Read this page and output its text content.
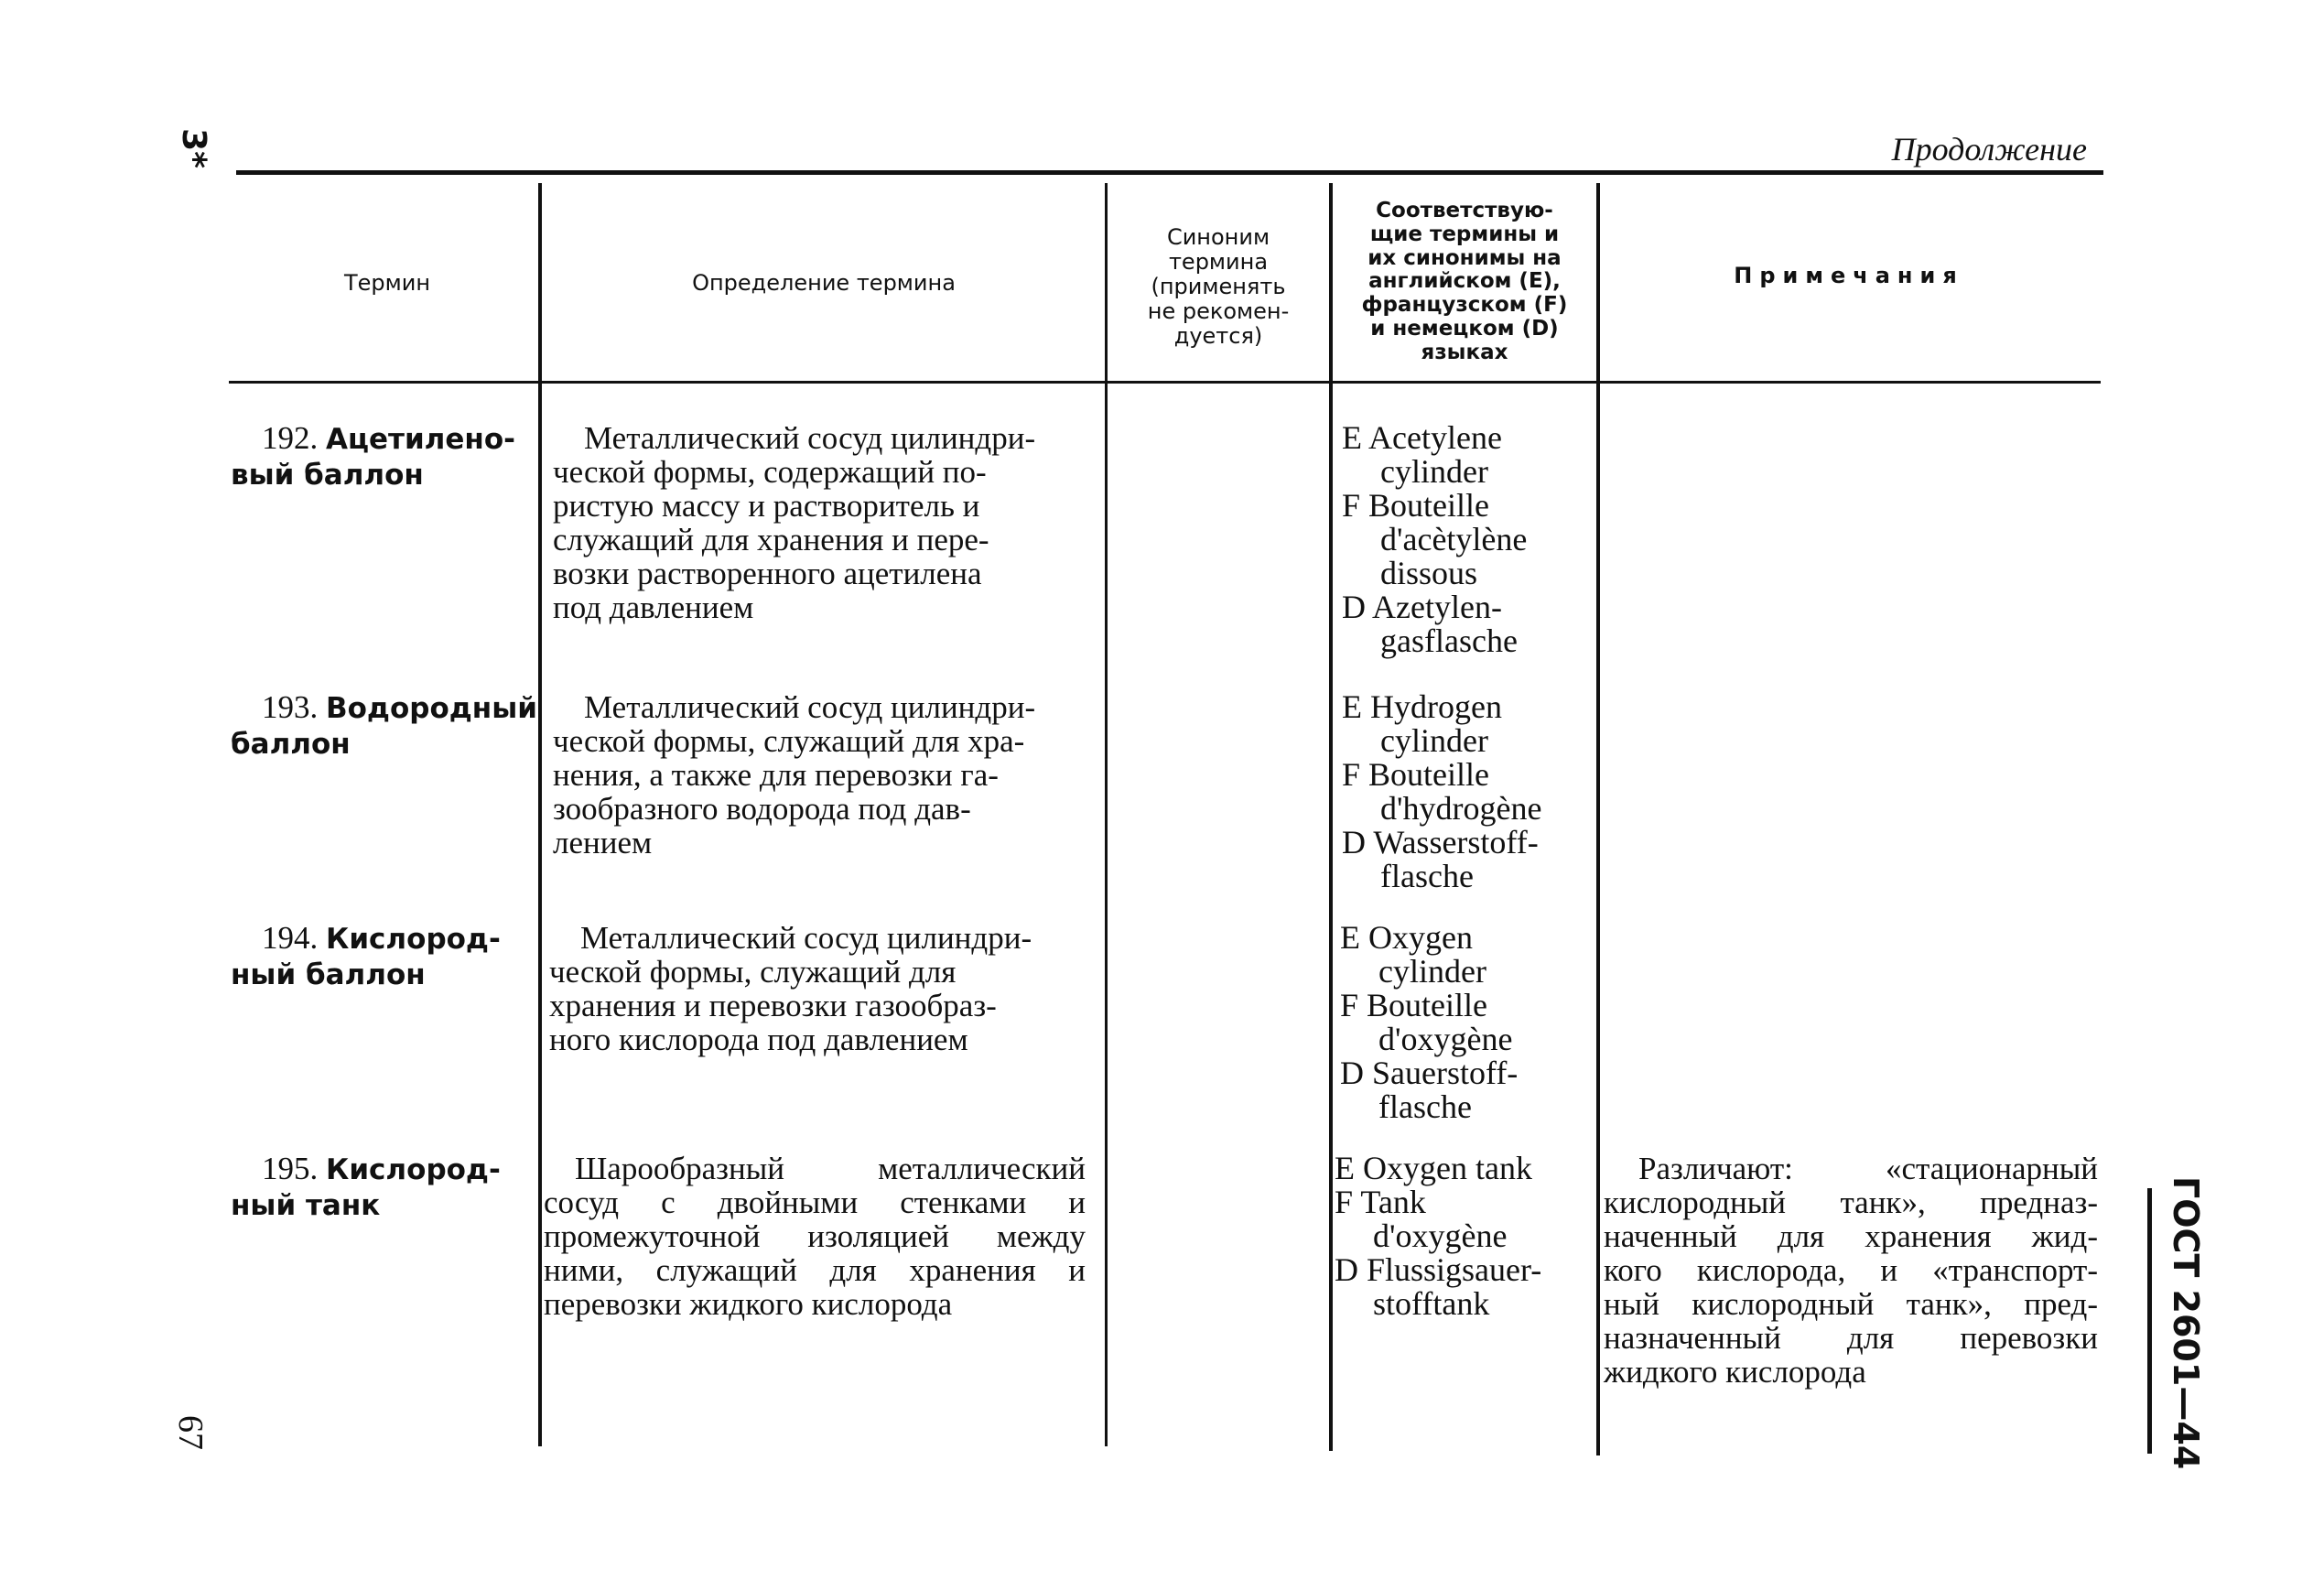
3*
67	ГОСТ 2601—44
Продолжение
Термин	Определение термина
Синоним
термина
(применять
не рекомен-
дуется)
Соответствую-
щие термины и
их синонимы на
английском (E),
французском (F)
и немецком (D)
языках
Примечания
192. Ацетилено-
вый баллон
Металлический сосуд цилиндри-
ческой формы, содержащий по-
ристую массу и растворитель и
служащий для хранения и пере-
возки растворенного ацетилена
под давлением
E Acetylene
cylinder
F Bouteille
d'acètylène
dissous
D Azetylen-
gasflasche
193. Водородный
баллон
Металлический сосуд цилиндри-
ческой формы, служащий для хра-
нения, а также для перевозки га-
зообразного водорода под дав-
лением
E Hydrogen
cylinder
F Bouteille
d'hydrogène
D Wasserstoff-
flasche
194. Кислород-
ный баллон
Металлический сосуд цилиндри-
ческой формы, служащий для
хранения и перевозки газообраз-
ного кислорода под давлением
E Oxygen
cylinder
F Bouteille
d'oxygène
D Sauerstoff-
flasche
195. Кислород-
ный танк
Шарообразный металлический
сосуд с двойными стенками и
промежуточной изоляцией между
ними, служащий для хранения и
перевозки жидкого кислорода
E Oxygen tank
F Tank
d'oxygène
D Flussigsauer-
stofftank
Различают: «стационарный
кислородный танк», предназ-
наченный для хранения жид-
кого кислорода, и «транспорт-
ный кислородный танк», пред-
назначенный для перевозки
жидкого кислорода
